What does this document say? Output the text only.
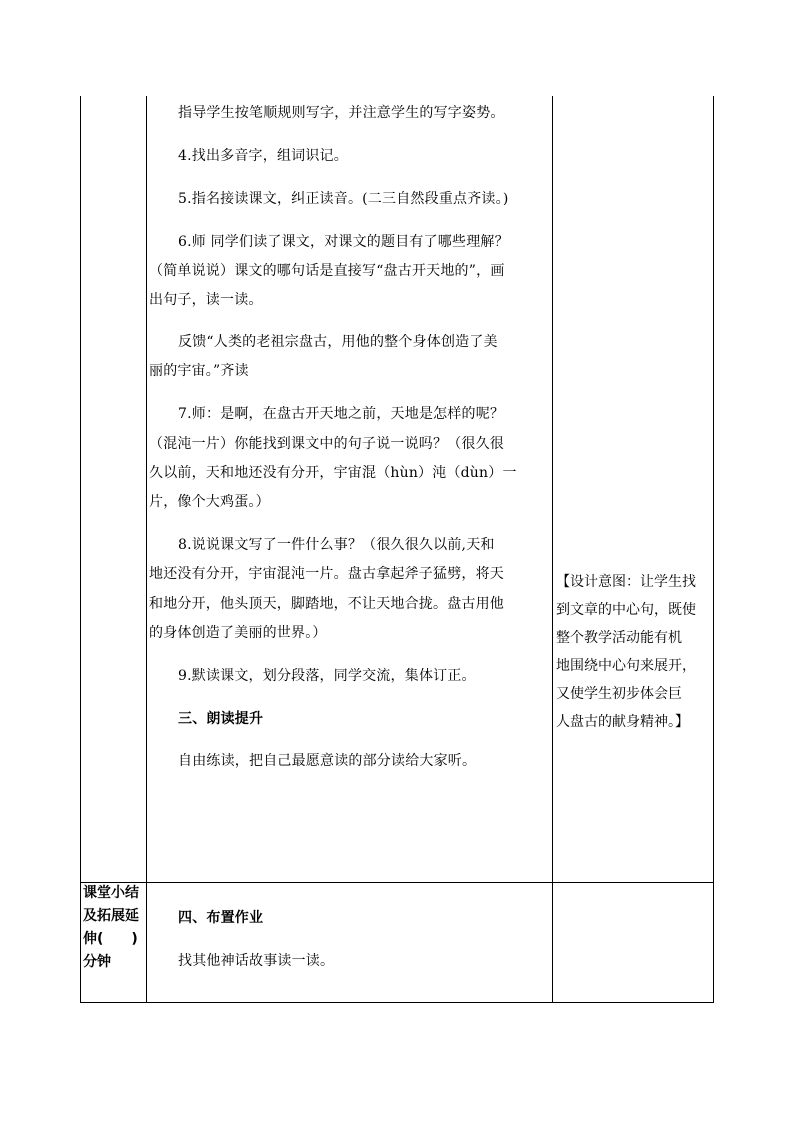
指导学生按笔顺规则写字，并注意学生的写字姿势。
4.找出多音字，组词识记。
5.指名接读课文，纠正读音。(二三自然段重点齐读。)
6.师 同学们读了课文，对课文的题目有了哪些理解？
（简单说说）课文的哪句话是直接写“盘古开天地的”，画
出句子，读一读。
反馈“人类的老祖宗盘古，用他的整个身体创造了美
丽的宇宙。”齐读
7.师：是啊，在盘古开天地之前，天地是怎样的呢？
（混沌一片）你能找到课文中的句子说一说吗？（很久很
久以前，天和地还没有分开，宇宙混（hùn）沌（dùn）一
片，像个大鸡蛋。）
8.说说课文写了一件什么事？（很久很久以前,天和
地还没有分开，宇宙混沌一片。盘古拿起斧子猛劈，将天
和地分开，他头顶天，脚踏地，不让天地合拢。盘古用他
的身体创造了美丽的世界。）
9.默读课文，划分段落，同学交流，集体订正。
三、朗读提升
自由练读，把自己最愿意读的部分读给大家听。
【设计意图：让学生找
到文章的中心句，既使
整个教学活动能有机
地围绕中心句来展开，
又使学生初步体会巨
人盘古的献身精神。】
课堂小结
及拓展延
伸(　　)
分钟
四、布置作业
找其他神话故事读一读。
